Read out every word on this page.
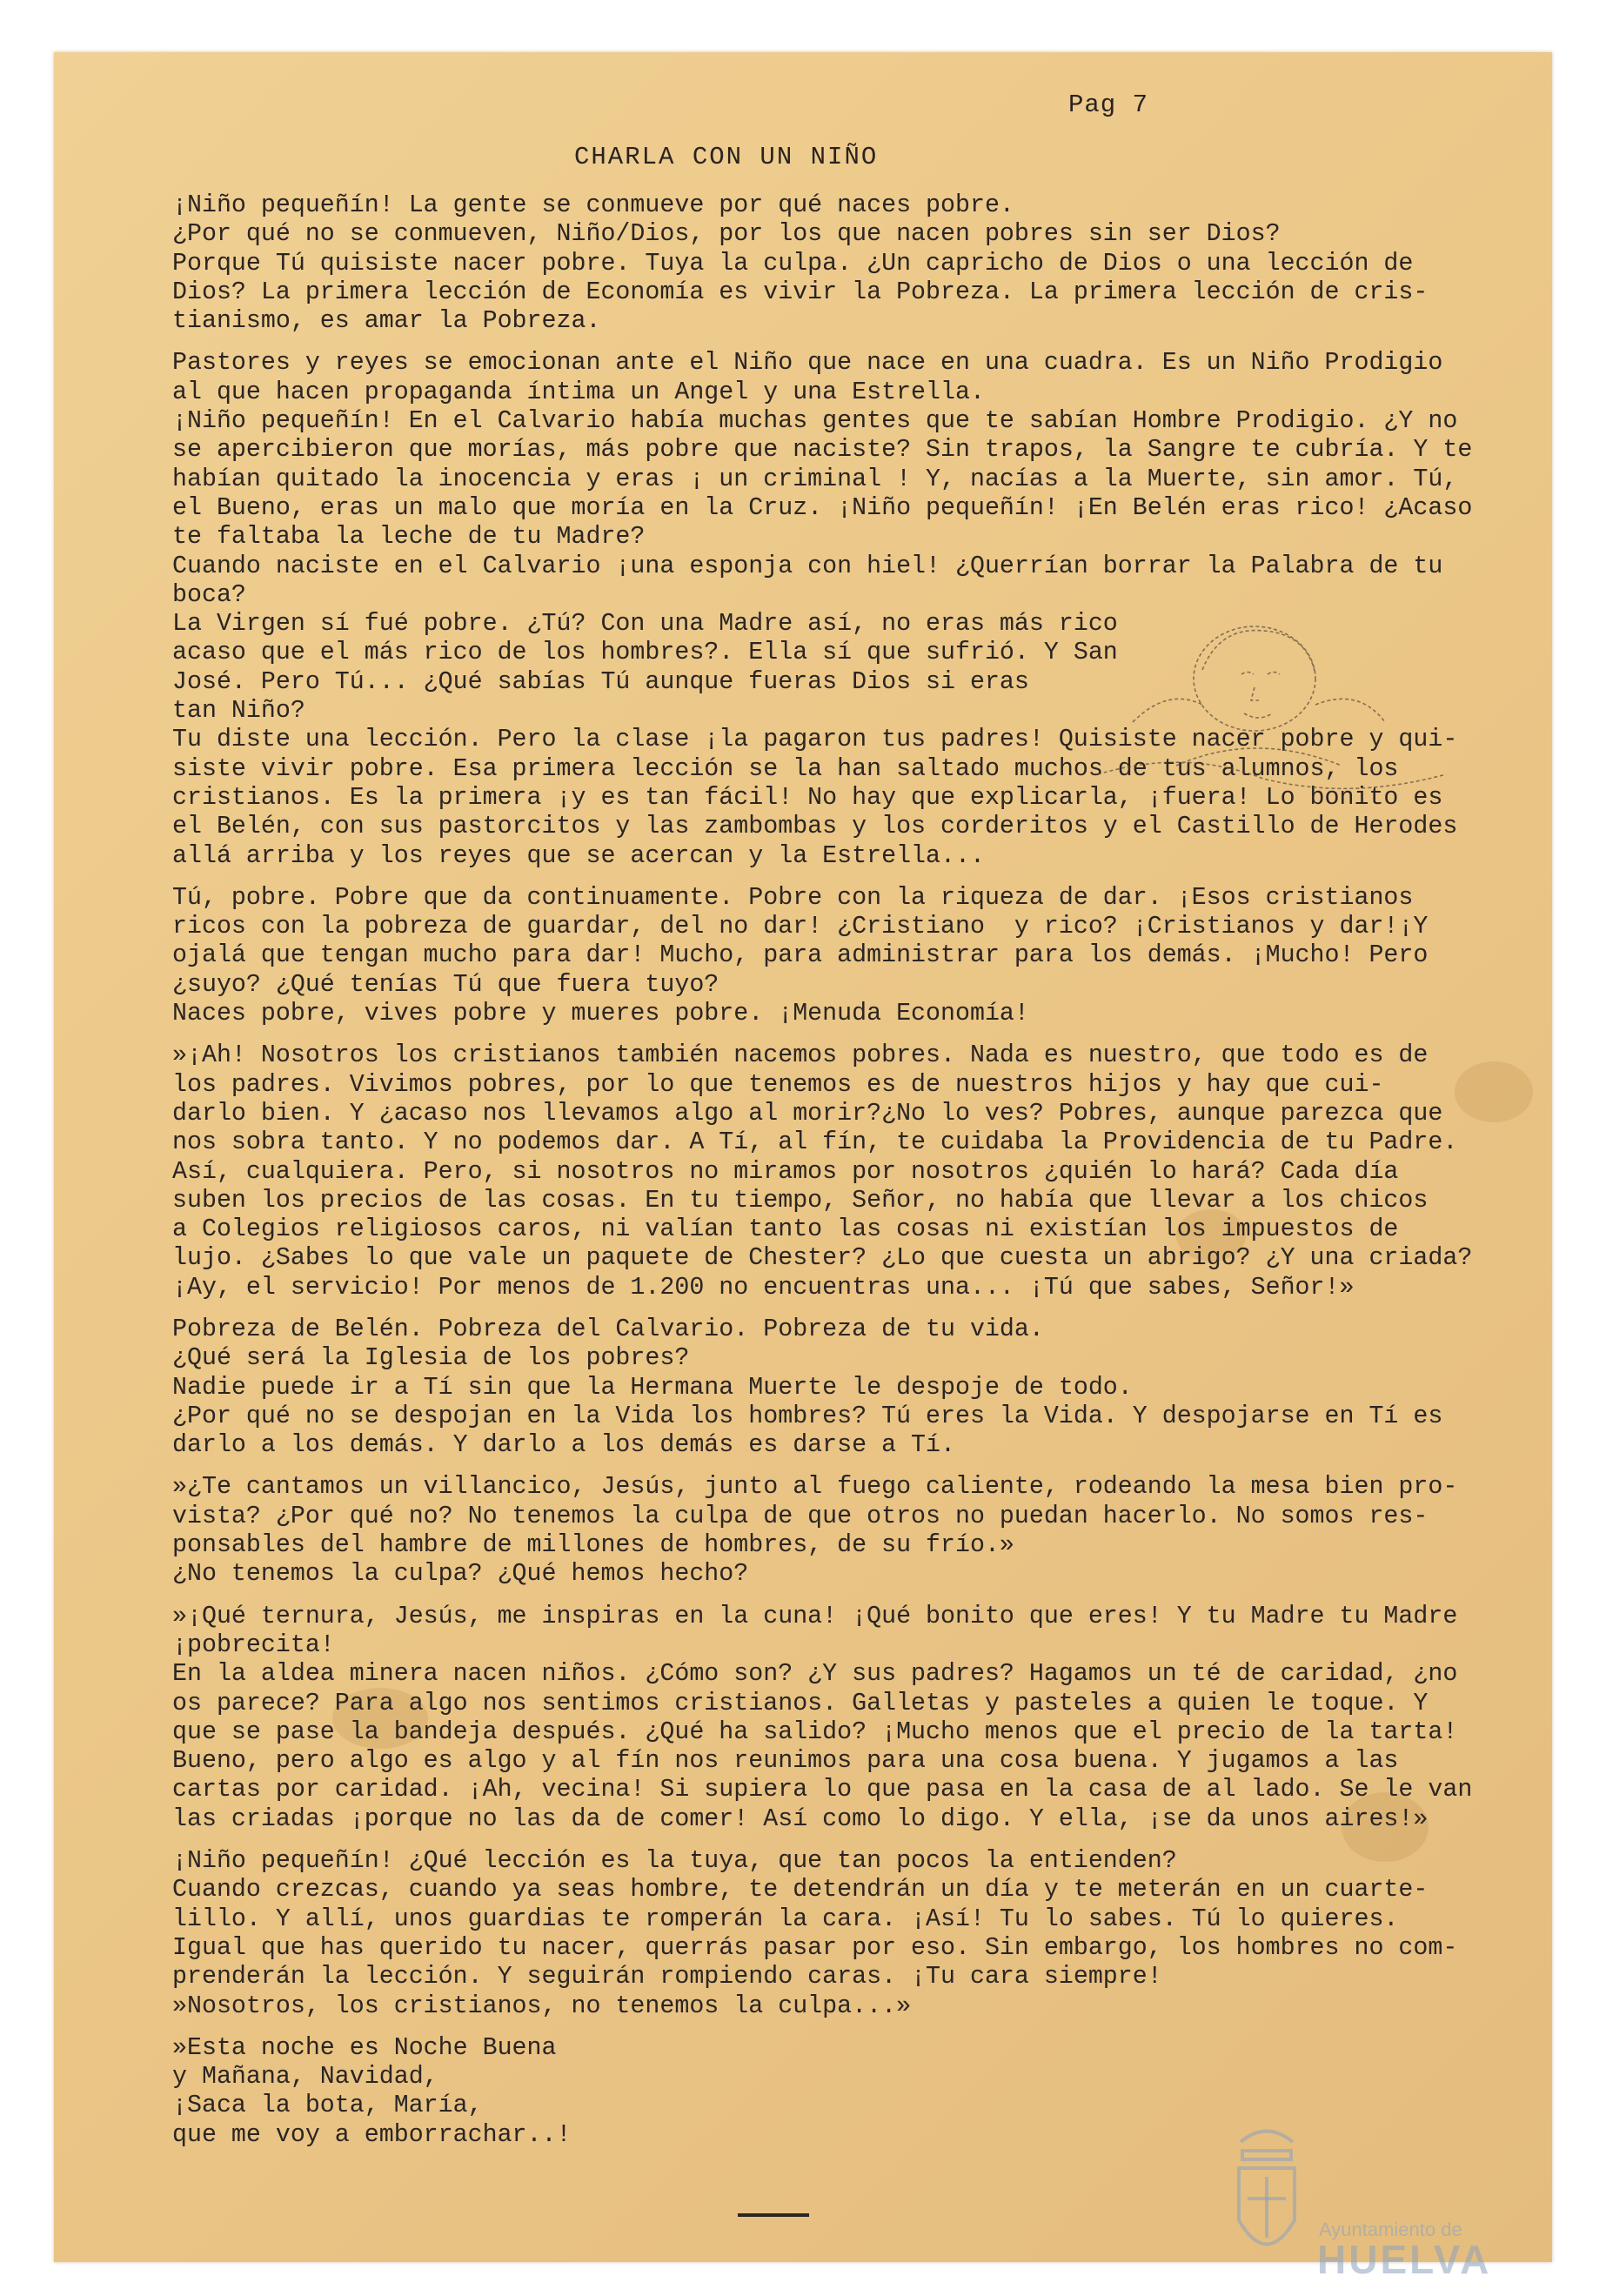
Pag 7
CHARLA CON UN NIÑO

¡Niño pequeñín! La gente se conmueve por qué naces pobre.
¿Por qué no se conmueven, Niño/Dios, por los que nacen pobres sin ser Dios?
Porque Tú quisiste nacer pobre. Tuya la culpa. ¿Un capricho de Dios o una lección de
Dios? La primera lección de Economía es vivir la Pobreza. La primera lección de cris-
tianismo, es amar la Pobreza.

Pastores y reyes se emocionan ante el Niño que nace en una cuadra. Es un Niño Prodigio
al que hacen propaganda íntima un Angel y una Estrella.
¡Niño pequeñín! En el Calvario había muchas gentes que te sabían Hombre Prodigio. ¿Y no
se apercibieron que morías, más pobre que naciste? Sin trapos, la Sangre te cubría. Y te
habían quitado la inocencia y eras ¡ un criminal ! Y, nacías a la Muerte, sin amor. Tú,
el Bueno, eras un malo que moría en la Cruz. ¡Niño pequeñín! ¡En Belén eras rico! ¿Acaso
te faltaba la leche de tu Madre?
Cuando naciste en el Calvario ¡una esponja con hiel! ¿Querrían borrar la Palabra de tu
boca?
La Virgen sí fué pobre. ¿Tú? Con una Madre así, no eras más rico
acaso que el más rico de los hombres?. Ella sí que sufrió. Y San
José. Pero Tú... ¿Qué sabías Tú aunque fueras Dios si eras
tan Niño?
Tu diste una lección. Pero la clase ¡la pagaron tus padres! Quisiste nacer pobre y qui-
siste vivir pobre. Esa primera lección se la han saltado muchos de tus alumnos, los
cristianos. Es la primera ¡y es tan fácil! No hay que explicarla, ¡fuera! Lo bonito es
el Belén, con sus pastorcitos y las zambombas y los corderitos y el Castillo de Herodes
allá arriba y los reyes que se acercan y la Estrella...

Tú, pobre. Pobre que da continuamente. Pobre con la riqueza de dar. ¡Esos cristianos
ricos con la pobreza de guardar, del no dar! ¿Cristiano  y rico? ¡Cristianos y dar!¡Y
ojalá que tengan mucho para dar! Mucho, para administrar para los demás. ¡Mucho! Pero
¿suyo? ¿Qué tenías Tú que fuera tuyo?
Naces pobre, vives pobre y mueres pobre. ¡Menuda Economía!

»¡Ah! Nosotros los cristianos también nacemos pobres. Nada es nuestro, que todo es de
los padres. Vivimos pobres, por lo que tenemos es de nuestros hijos y hay que cui-
darlo bien. Y ¿acaso nos llevamos algo al morir?¿No lo ves? Pobres, aunque parezca que
nos sobra tanto. Y no podemos dar. A Tí, al fín, te cuidaba la Providencia de tu Padre.
Así, cualquiera. Pero, si nosotros no miramos por nosotros ¿quién lo hará? Cada día
suben los precios de las cosas. En tu tiempo, Señor, no había que llevar a los chicos
a Colegios religiosos caros, ni valían tanto las cosas ni existían los impuestos de
lujo. ¿Sabes lo que vale un paquete de Chester? ¿Lo que cuesta un abrigo? ¿Y una criada?
¡Ay, el servicio! Por menos de 1.200 no encuentras una... ¡Tú que sabes, Señor!»

Pobreza de Belén. Pobreza del Calvario. Pobreza de tu vida.
¿Qué será la Iglesia de los pobres?
Nadie puede ir a Tí sin que la Hermana Muerte le despoje de todo.
¿Por qué no se despojan en la Vida los hombres? Tú eres la Vida. Y despojarse en Tí es
darlo a los demás. Y darlo a los demás es darse a Tí.

»¿Te cantamos un villancico, Jesús, junto al fuego caliente, rodeando la mesa bien pro-
vista? ¿Por qué no? No tenemos la culpa de que otros no puedan hacerlo. No somos res-
ponsables del hambre de millones de hombres, de su frío.»
¿No tenemos la culpa? ¿Qué hemos hecho?

»¡Qué ternura, Jesús, me inspiras en la cuna! ¡Qué bonito que eres! Y tu Madre tu Madre
¡pobrecita!
En la aldea minera nacen niños. ¿Cómo son? ¿Y sus padres? Hagamos un té de caridad, ¿no
os parece? Para algo nos sentimos cristianos. Galletas y pasteles a quien le toque. Y
que se pase la bandeja después. ¿Qué ha salido? ¡Mucho menos que el precio de la tarta!
Bueno, pero algo es algo y al fín nos reunimos para una cosa buena. Y jugamos a las
cartas por caridad. ¡Ah, vecina! Si supiera lo que pasa en la casa de al lado. Se le van
las criadas ¡porque no las da de comer! Así como lo digo. Y ella, ¡se da unos aires!»

¡Niño pequeñín! ¿Qué lección es la tuya, que tan pocos la entienden?
Cuando crezcas, cuando ya seas hombre, te detendrán un día y te meterán en un cuarte-
lillo. Y allí, unos guardias te romperán la cara. ¡Así! Tu lo sabes. Tú lo quieres.
Igual que has querido tu nacer, querrás pasar por eso. Sin embargo, los hombres no com-
prenderán la lección. Y seguirán rompiendo caras. ¡Tu cara siempre!
»Nosotros, los cristianos, no tenemos la culpa...»

»Esta noche es Noche Buena
y Mañana, Navidad,
¡Saca la bota, María,
que me voy a emborrachar..!

Ayuntamiento de
HUELVA
